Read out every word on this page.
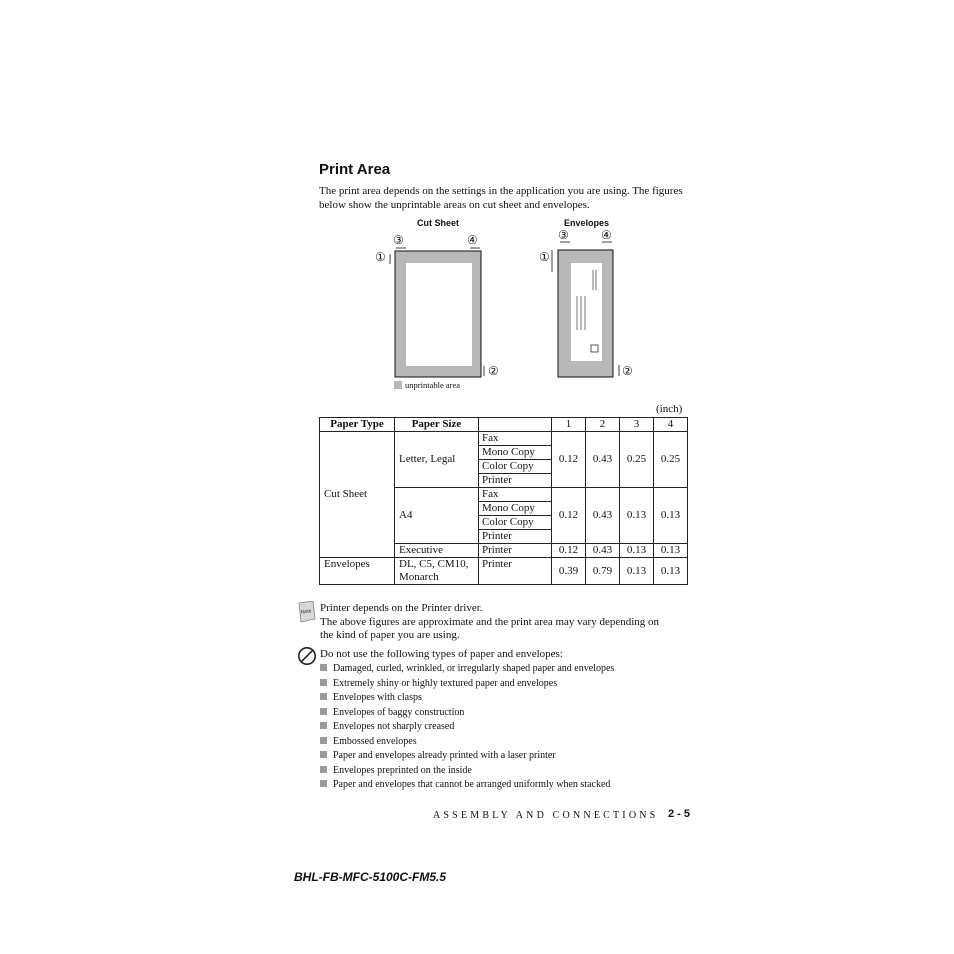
Print Area
The print area depends on the settings in the application you are using. The figures below show the unprintable areas on cut sheet and envelopes.
Cut Sheet	Envelopes
③	④
①
②
③	④
①
②
unprintable area
(inch)
Paper Type	Paper Size		1	2	3	4
Cut Sheet	Letter, Legal	Fax	0.12	0.43	0.25	0.25
		Mono Copy				
		Color Copy				
		Printer				
	A4	Fax	0.12	0.43	0.13	0.13
		Mono Copy				
		Color Copy				
		Printer				
	Executive	Printer	0.12	0.43	0.13	0.13
Envelopes	DL, C5, CM10,
Monarch	Printer	0.39	0.79	0.13	0.13
Note Printer depends on the Printer driver.
The above figures are approximate and the print area may vary depending on
the kind of paper you are using.
Do not use the following types of paper and envelopes:
Damaged, curled, wrinkled, or irregularly shaped paper and envelopes
Extremely shiny or highly textured paper and envelopes
Envelopes with clasps
Envelopes of baggy construction
Envelopes not sharply creased
Embossed envelopes
Paper and envelopes already printed with a laser printer
Envelopes preprinted on the inside
Paper and envelopes that cannot be arranged uniformly when stacked
ASSEMBLY AND CONNECTIONS 2 - 5
BHL-FB-MFC-5100C-FM5.5
